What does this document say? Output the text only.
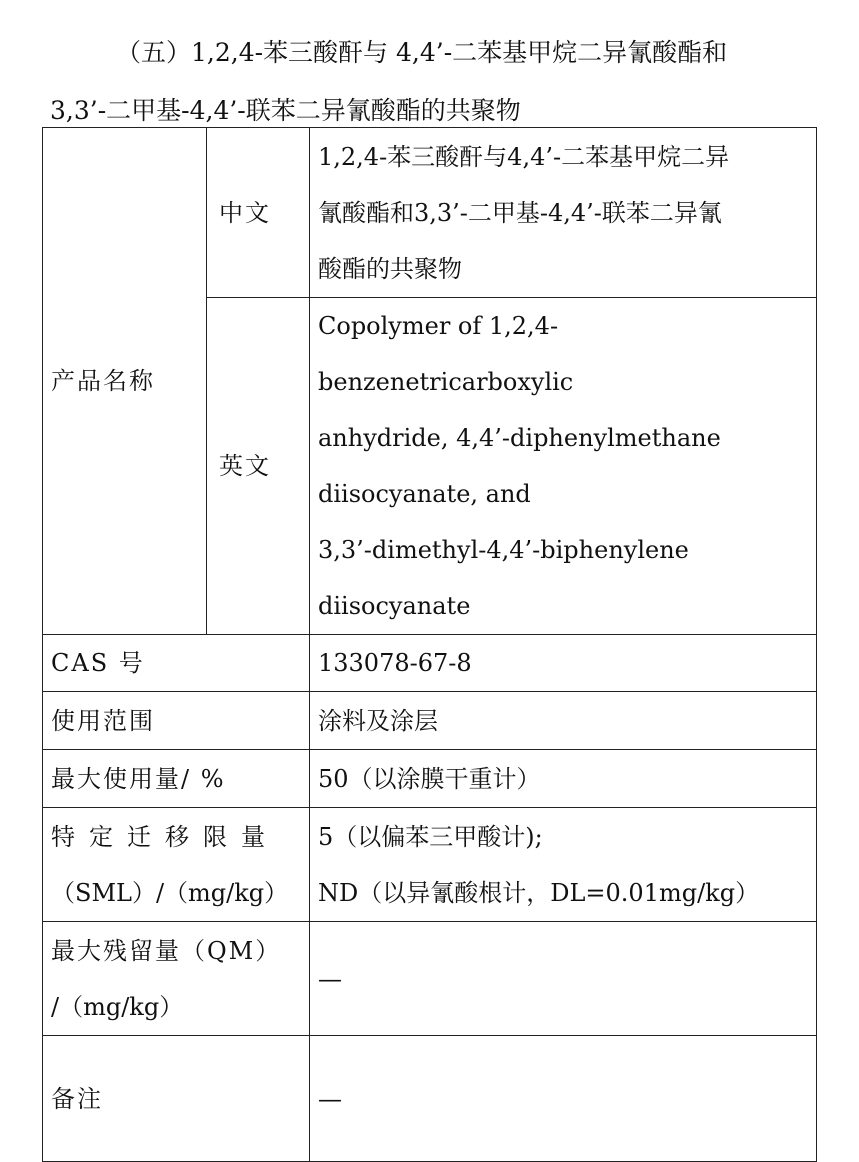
（五）1,2,4-苯三酸酐与 4,4’-二苯基甲烷二异氰酸酯和
3,3’-二甲基-4,4’-联苯二异氰酸酯的共聚物
产品名称	中文	1,2,4-苯三酸酐与4,4’-二苯基甲烷二异
氰酸酯和3,3’-二甲基-4,4’-联苯二异氰
酸酯的共聚物

	英文	Copolymer of 1,2,4-benzenetricarboxylic
anhydride, 4,4’-diphenylmethane
diisocyanate, and
3,3’-dimethyl-4,4’-biphenylene
diisocyanate

CAS 号		133078-67-8
使用范围		涂料及涂层
最大使用量/ %		50（以涂膜干重计）

特定迁移限量
（SML）/（mg/kg）		5（以偏苯三甲酸计);
ND（以异氰酸根计，DL=0.01mg/kg）

最大残留量（QM）
/（mg/kg）		—
备注		—
